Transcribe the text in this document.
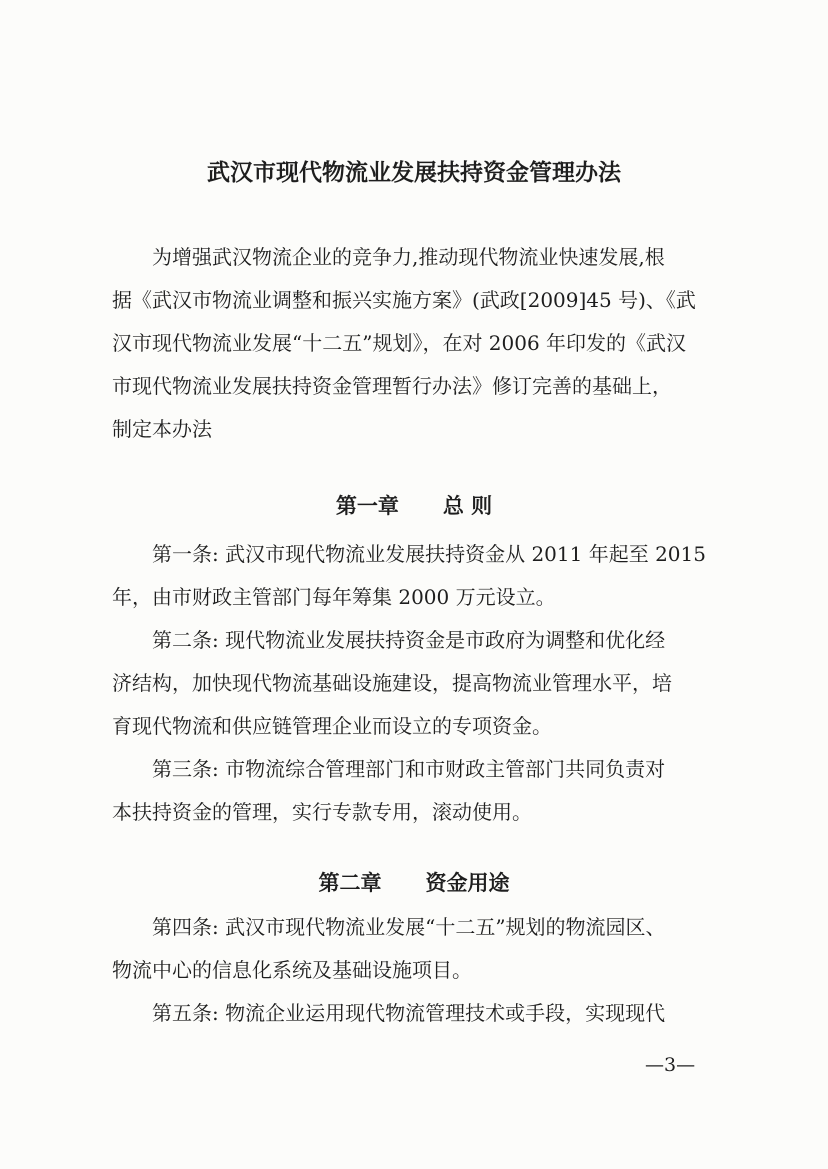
武汉市现代物流业发展扶持资金管理办法
为增强武汉物流企业的竞争力,推动现代物流业快速发展,根
据《武汉市物流业调整和振兴实施方案》(武政[2009]45 号)、《武
汉市现代物流业发展“十二五”规划》，在对 2006 年印发的《武汉
市现代物流业发展扶持资金管理暂行办法》修订完善的基础上，
制定本办法
第一章 总 则
第一条: 武汉市现代物流业发展扶持资金从 2011 年起至 2015
年，由市财政主管部门每年筹集 2000 万元设立。
第二条: 现代物流业发展扶持资金是市政府为调整和优化经
济结构，加快现代物流基础设施建设，提高物流业管理水平，培
育现代物流和供应链管理企业而设立的专项资金。
第三条: 市物流综合管理部门和市财政主管部门共同负责对
本扶持资金的管理，实行专款专用，滚动使用。
第二章 资金用途
第四条: 武汉市现代物流业发展“十二五”规划的物流园区、
物流中心的信息化系统及基础设施项目。
第五条: 物流企业运用现代物流管理技术或手段，实现现代
—3—
